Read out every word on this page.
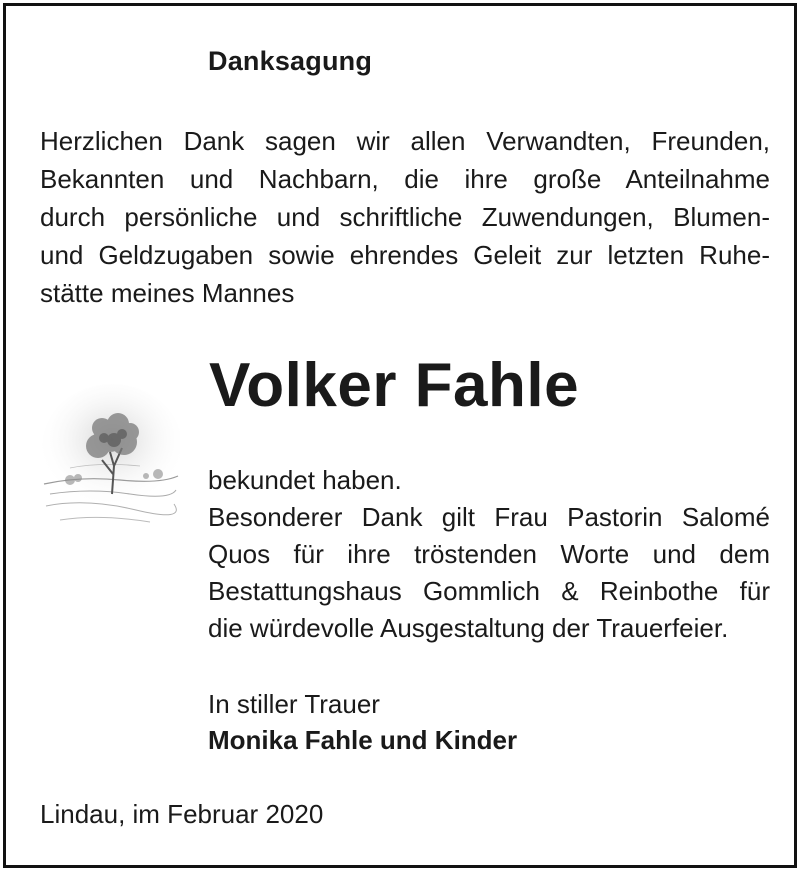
Danksagung
Herzlichen Dank sagen wir allen Verwandten, Freunden,
Bekannten und Nachbarn, die ihre große Anteilnahme
durch persönliche und schriftliche Zuwendungen, Blumen-
und Geldzugaben sowie ehrendes Geleit zur letzten Ruhe-
stätte meines Mannes
Volker Fahle
bekundet haben.
Besonderer Dank gilt Frau Pastorin Salomé
Quos für ihre tröstenden Worte und dem
Bestattungshaus Gommlich & Reinbothe für
die würdevolle Ausgestaltung der Trauerfeier.
In stiller Trauer
Monika Fahle und Kinder
Lindau, im Februar 2020
